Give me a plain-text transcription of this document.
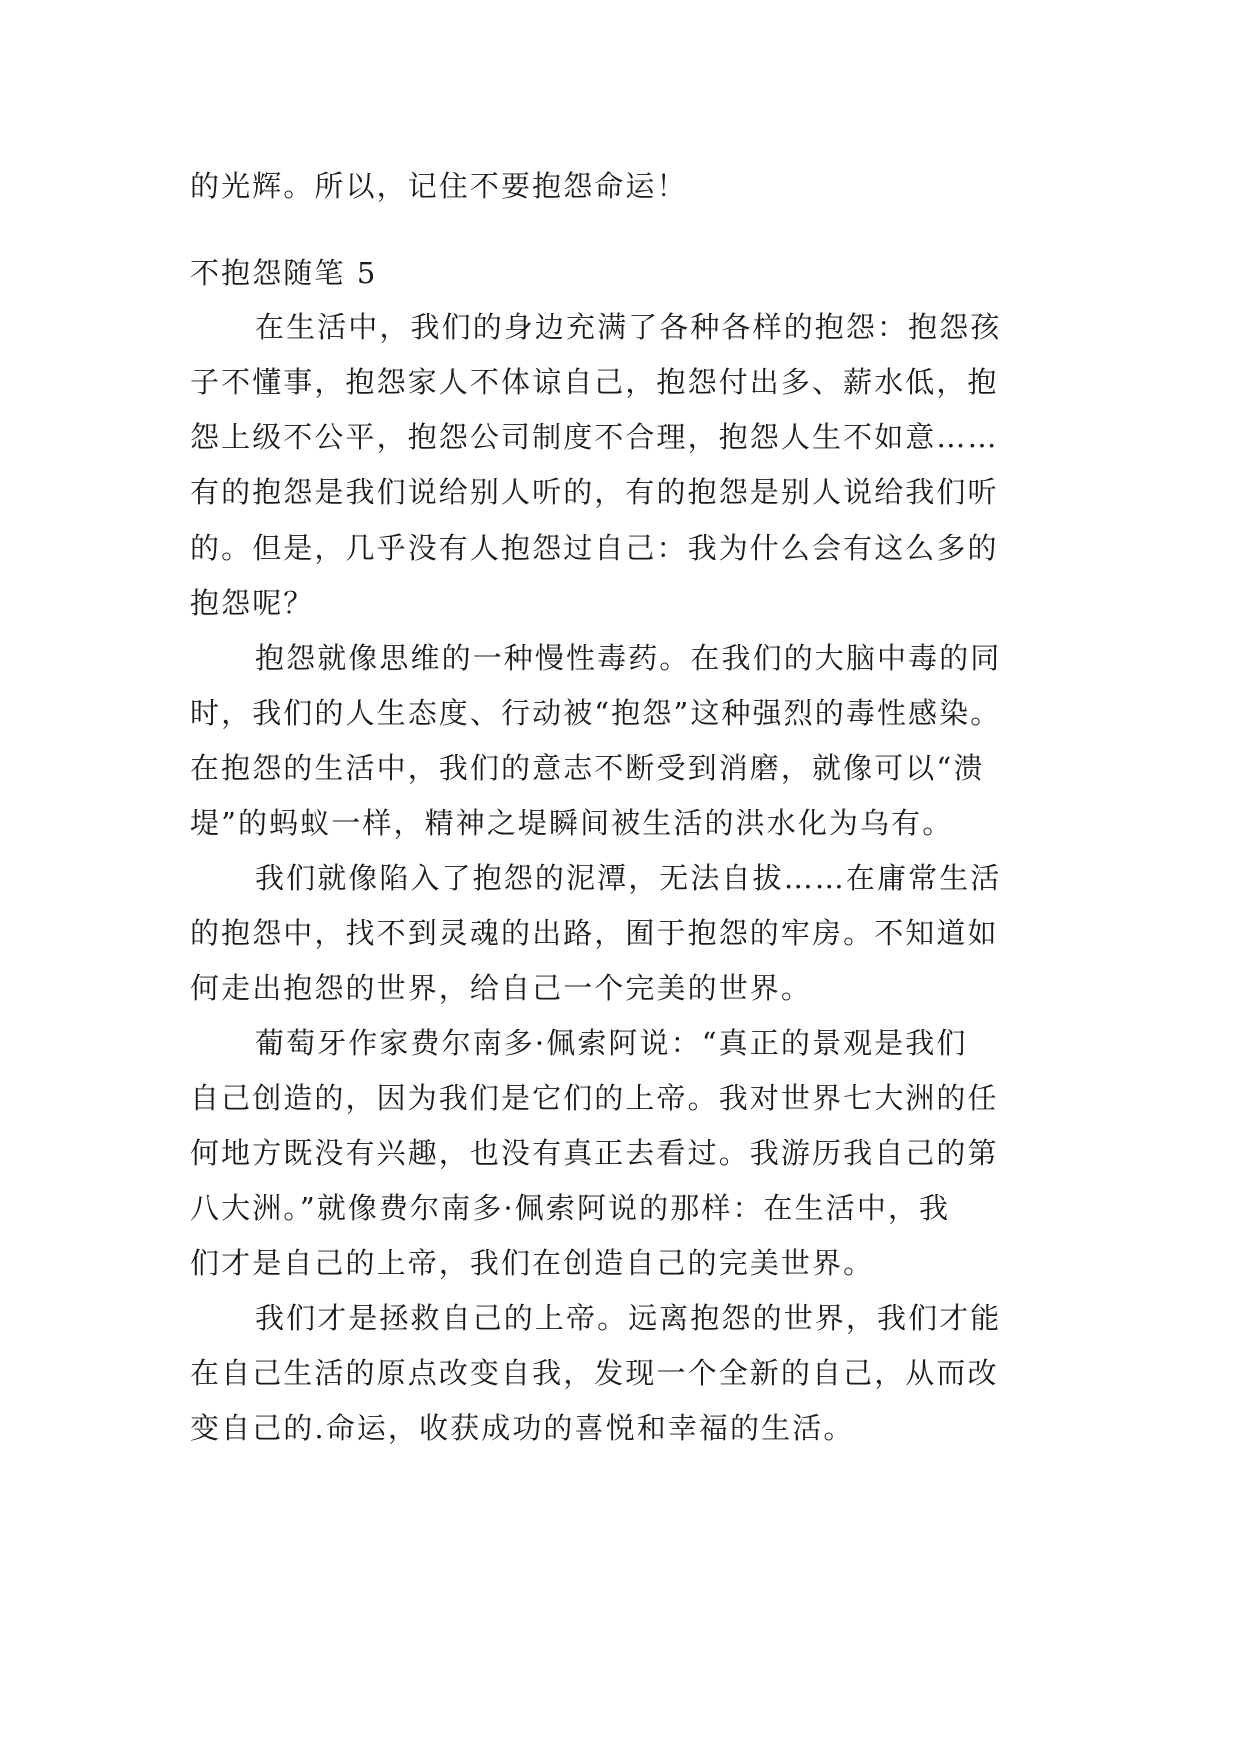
的光辉。所以，记住不要抱怨命运！
不抱怨随笔 5
在生活中，我们的身边充满了各种各样的抱怨：抱怨孩
子不懂事，抱怨家人不体谅自己，抱怨付出多、薪水低，抱
怨上级不公平，抱怨公司制度不合理，抱怨人生不如意……
有的抱怨是我们说给别人听的，有的抱怨是别人说给我们听
的。但是，几乎没有人抱怨过自己：我为什么会有这么多的
抱怨呢？
抱怨就像思维的一种慢性毒药。在我们的大脑中毒的同
时，我们的人生态度、行动被“抱怨”这种强烈的毒性感染。
在抱怨的生活中，我们的意志不断受到消磨，就像可以“溃
堤”的蚂蚁一样，精神之堤瞬间被生活的洪水化为乌有。
我们就像陷入了抱怨的泥潭，无法自拔……在庸常生活
的抱怨中，找不到灵魂的出路，囿于抱怨的牢房。不知道如
何走出抱怨的世界，给自己一个完美的世界。
葡萄牙作家费尔南多·佩索阿说：“真正的景观是我们
自己创造的，因为我们是它们的上帝。我对世界七大洲的任
何地方既没有兴趣，也没有真正去看过。我游历我自己的第
八大洲。”就像费尔南多·佩索阿说的那样：在生活中，我
们才是自己的上帝，我们在创造自己的完美世界。
我们才是拯救自己的上帝。远离抱怨的世界，我们才能
在自己生活的原点改变自我，发现一个全新的自己，从而改
变自己的.命运，收获成功的喜悦和幸福的生活。
